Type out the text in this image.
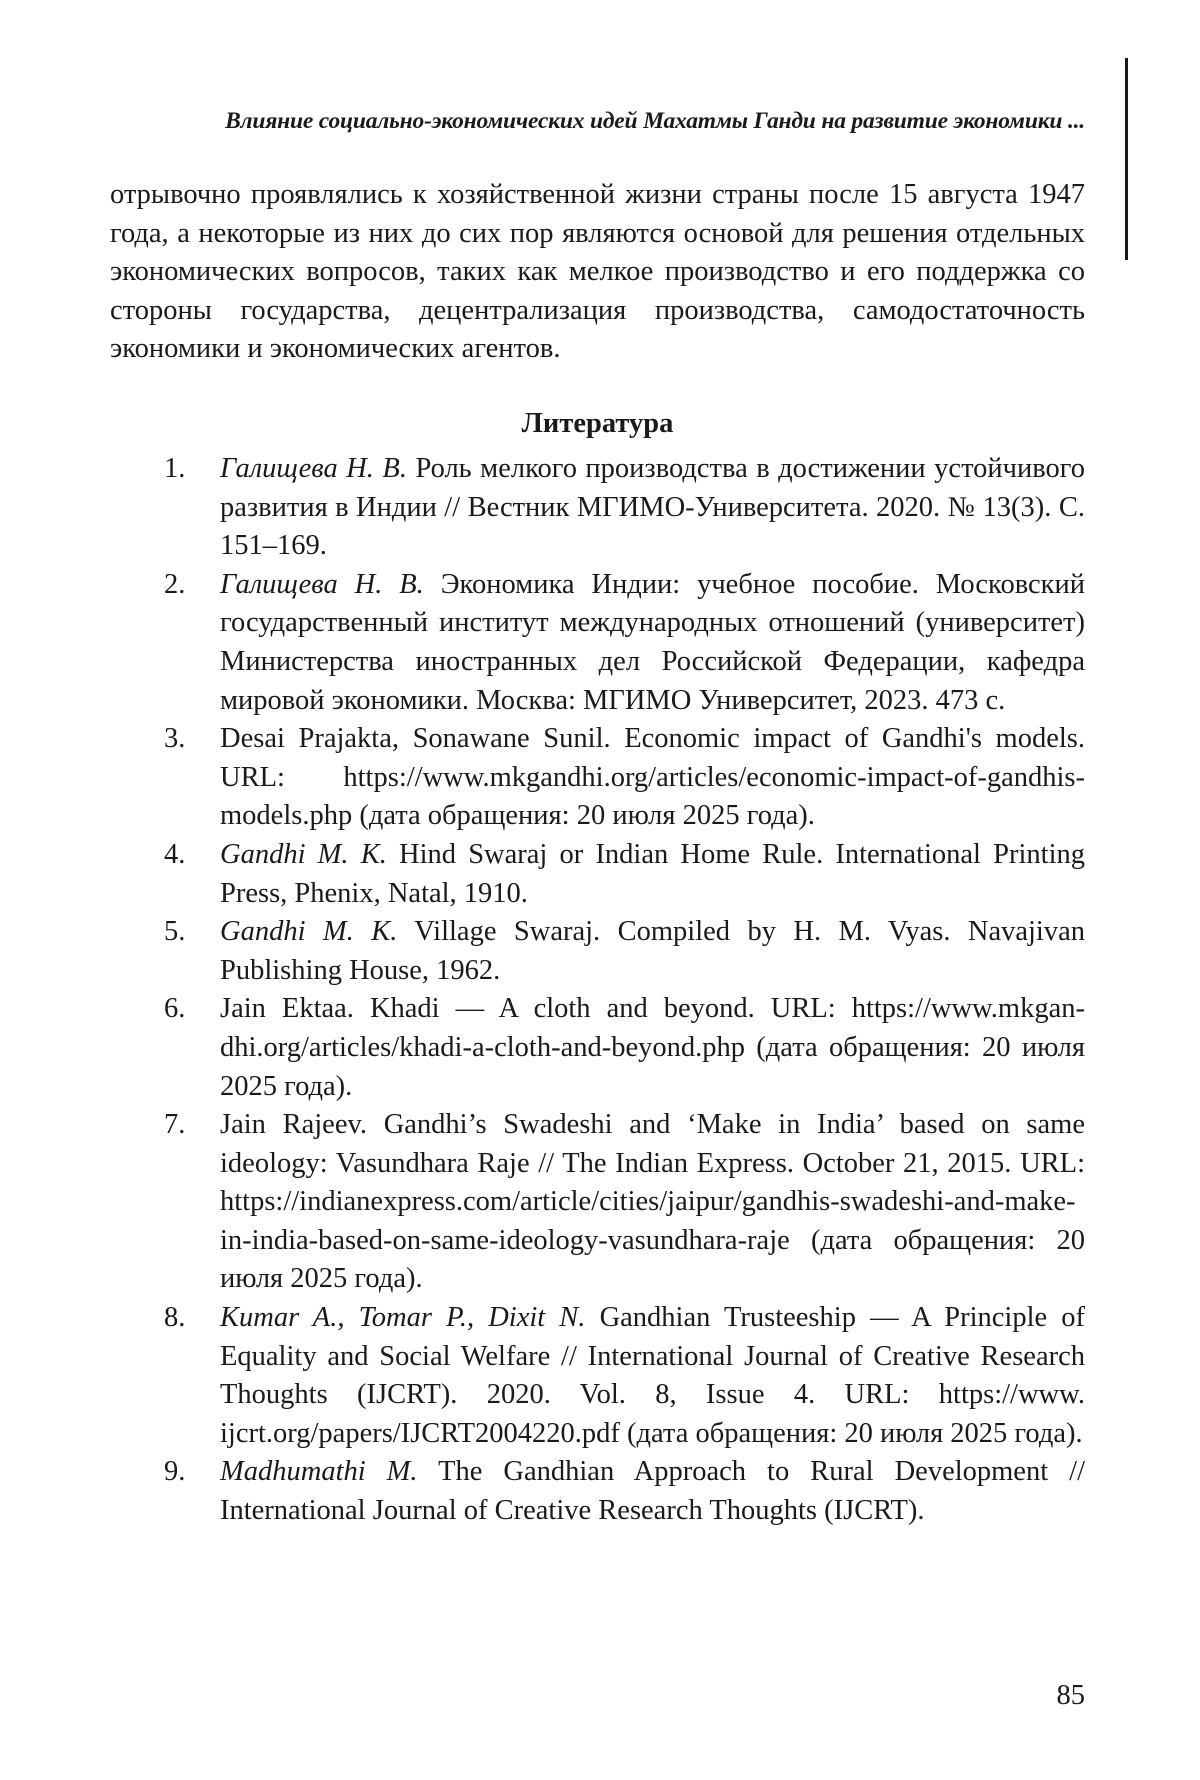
Влияние социально-экономических идей Махатмы Ганди на развитие экономики ...

отрывочно проявлялись к хозяйственной жизни страны после 15 августа 1947 года, а некоторые из них до сих пор являются основой для решения отдельных экономических вопросов, таких как мелкое производство и его поддержка со стороны государства, децентрализация производства, самодостаточность экономики и экономических агентов.

Литература
1. Галищева Н. В. Роль мелкого производства в достижении устойчивого развития в Индии // Вестник МГИМО-Университета. 2020. № 13(3). С. 151–169.
2. Галищева Н. В. Экономика Индии: учебное пособие. Московский государственный институт международных отношений (университет) Министерства иностранных дел Российской Федерации, кафедра мировой экономики. Москва: МГИМО Университет, 2023. 473 с.
3. Desai Prajakta, Sonawane Sunil. Economic impact of Gandhi's models. URL: https://www.mkgandhi.org/articles/economic-impact-of-​gandhis-models.php (дата обращения: 20 июля 2025 года).
4. Gandhi M. K. Hind Swaraj or Indian Home Rule. International Printing Press, Phenix, Natal, 1910.
5. Gandhi M. K. Village Swaraj. Compiled by H. M. Vyas. Navajivan Publishing House, 1962.
6. Jain Ektaa. Khadi — A cloth and beyond. URL: https://www.mkgandhi.org/articles/khadi-a-cloth-and-beyond.php (дата обращения: 20 июля 2025 года).
7. Jain Rajeev. Gandhi’s Swadeshi and ‘Make in India’ based on same ideology: Vasundhara Raje // The Indian Express. October 21, 2015. URL: https://indianexpress.com/article/cities/jaipur/gandhis-​swadeshi-and-make-in-india-based-on-same-ideology-vasundhara-raje (дата обращения: 20 июля 2025 года).
8. Kumar A., Tomar P., Dixit N. Gandhian Trusteeship — A Principle of Equality and Social Welfare // International Journal of Creative Research Thoughts (IJCRT). 2020. Vol. 8, Issue 4. URL: https://www.​ijcrt.org/papers/IJCRT2004220.pdf (дата обращения: 20 июля 2025 года).
9. Madhumathi M. The Gandhian Approach to Rural Development // International Journal of Creative Research Thoughts (IJCRT).
85
